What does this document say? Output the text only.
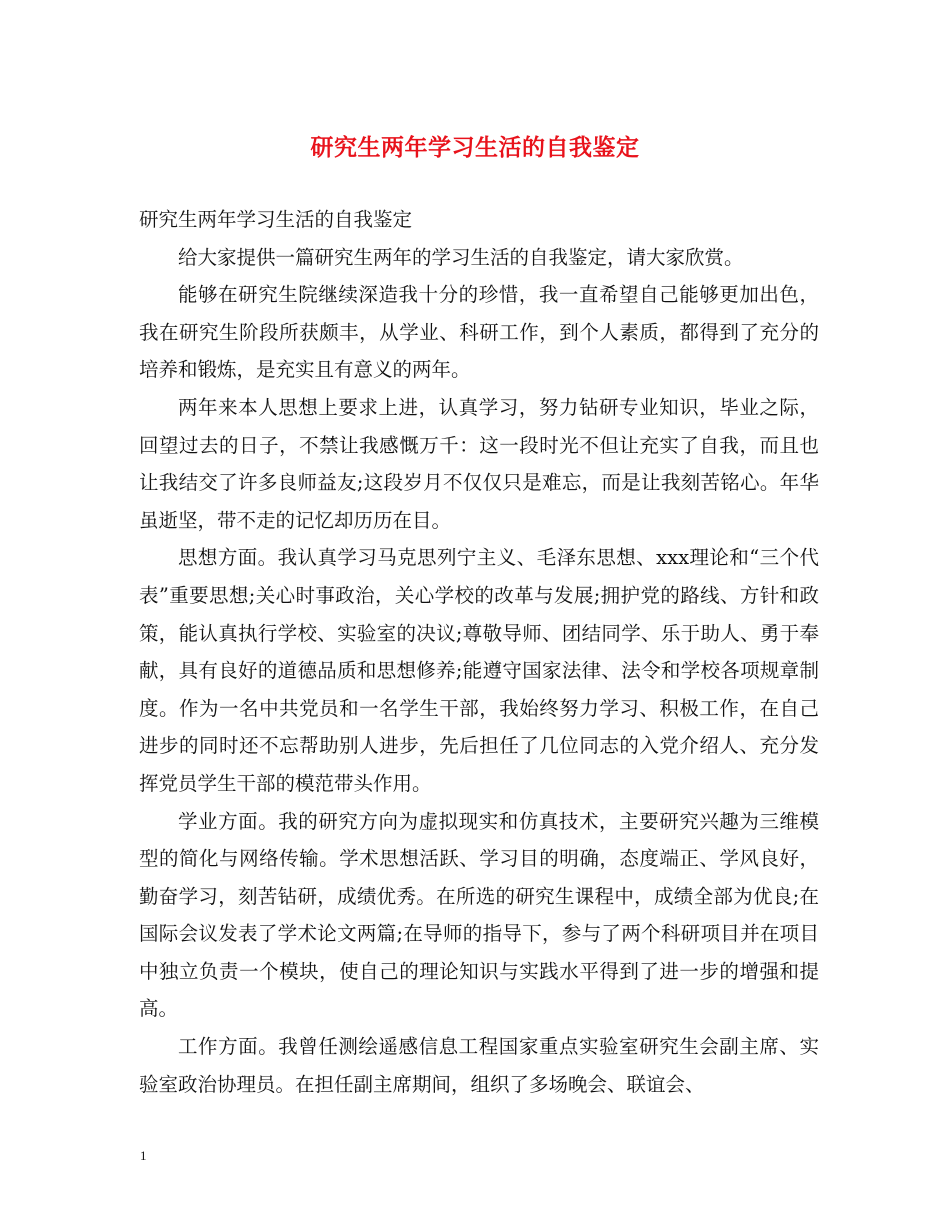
研究生两年学习生活的自我鉴定

研究生两年学习生活的自我鉴定

给大家提供一篇研究生两年的学习生活的自我鉴定，请大家欣赏。

能够在研究生院继续深造我十分的珍惜，我一直希望自己能够更加出色，我在研究生阶段所获颇丰，从学业、科研工作，到个人素质，都得到了充分的培养和锻炼，是充实且有意义的两年。

两年来本人思想上要求上进，认真学习，努力钻研专业知识，毕业之际，回望过去的日子，不禁让我感慨万千：这一段时光不但让充实了自我，而且也让我结交了许多良师益友;这段岁月不仅仅只是难忘，而是让我刻苦铭心。年华虽逝坚，带不走的记忆却历历在目。

思想方面。我认真学习马克思列宁主义、毛泽东思想、xxx理论和“三个代表”重要思想;关心时事政治，关心学校的改革与发展;拥护党的路线、方针和政策，能认真执行学校、实验室的决议;尊敬导师、团结同学、乐于助人、勇于奉献，具有良好的道德品质和思想修养;能遵守国家法律、法令和学校各项规章制度。作为一名中共党员和一名学生干部，我始终努力学习、积极工作，在自己进步的同时还不忘帮助别人进步，先后担任了几位同志的入党介绍人、充分发挥党员学生干部的模范带头作用。

学业方面。我的研究方向为虚拟现实和仿真技术，主要研究兴趣为三维模型的简化与网络传输。学术思想活跃、学习目的明确，态度端正、学风良好，勤奋学习，刻苦钻研，成绩优秀。在所选的研究生课程中，成绩全部为优良;在国际会议发表了学术论文两篇;在导师的指导下，参与了两个科研项目并在项目中独立负责一个模块，使自己的理论知识与实践水平得到了进一步的增强和提高。

工作方面。我曾任测绘遥感信息工程国家重点实验室研究生会副主席、实验室政治协理员。在担任副主席期间，组织了多场晚会、联谊会、

1
